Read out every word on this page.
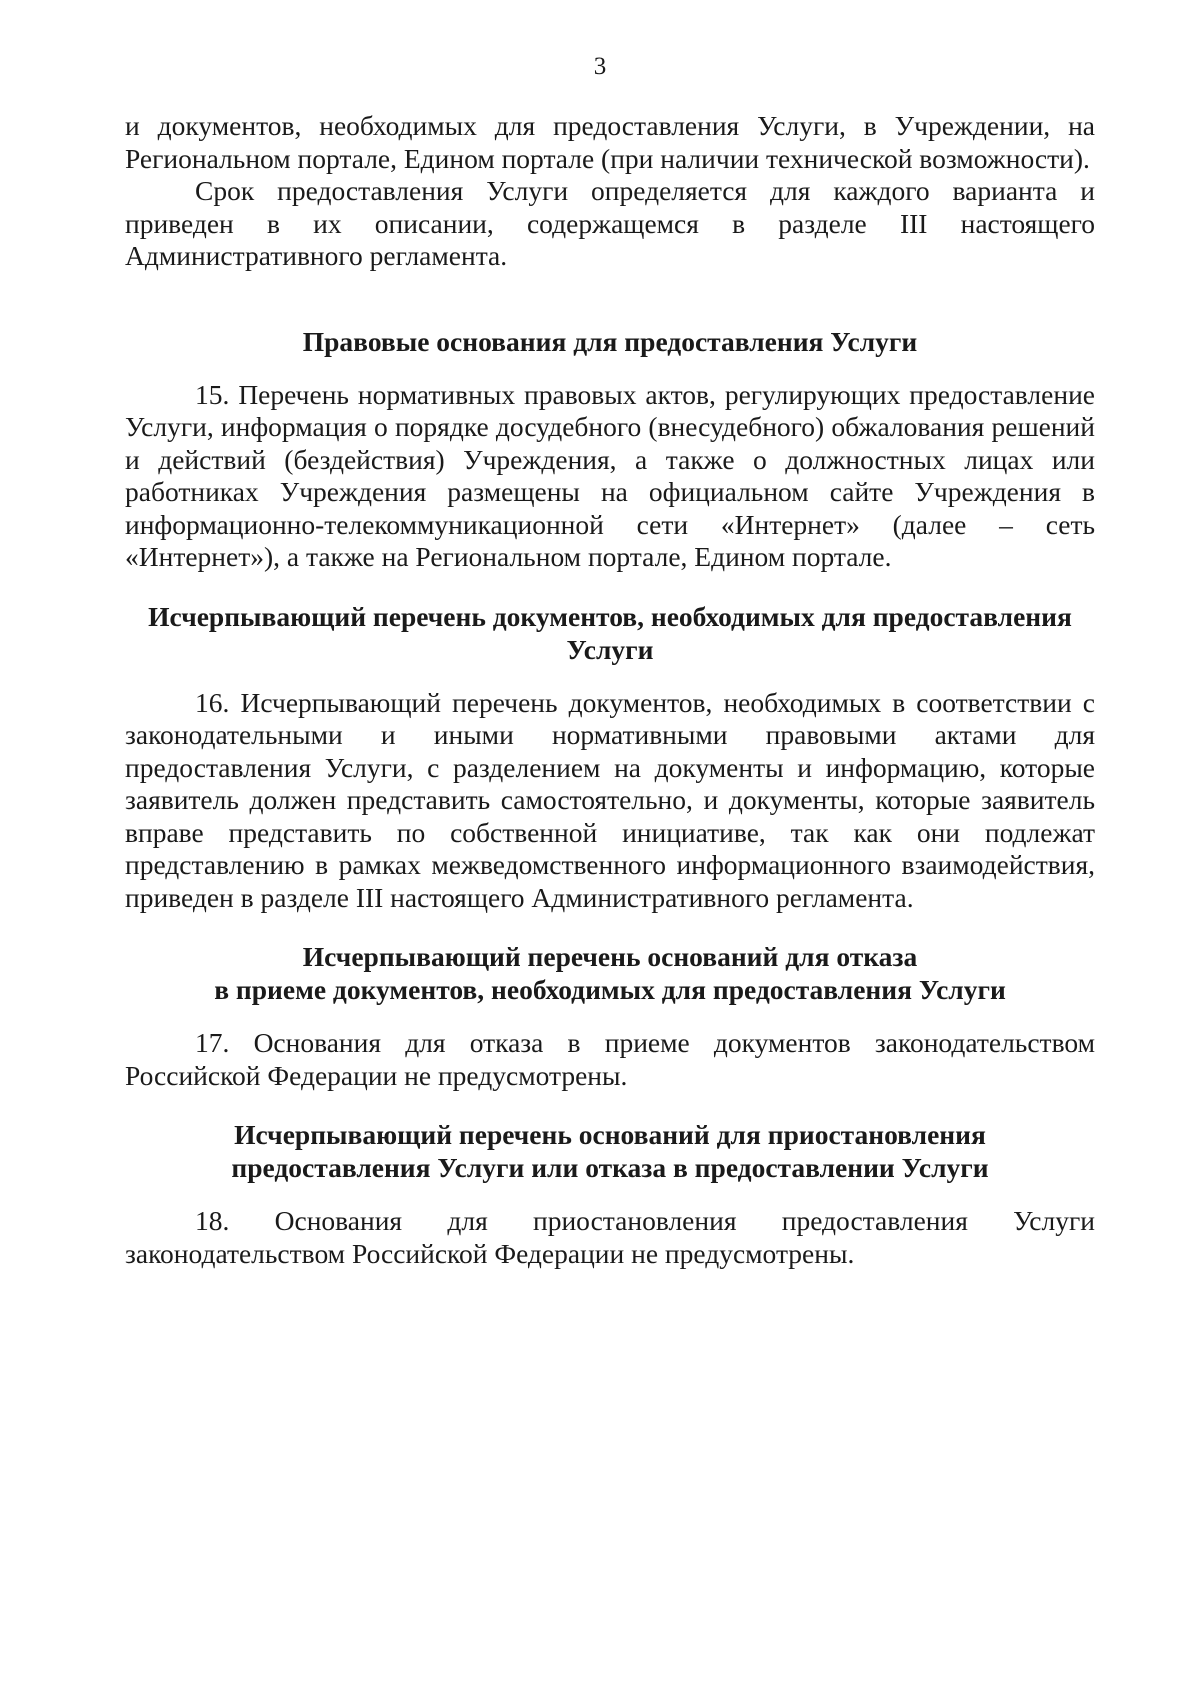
3

и документов, необходимых для предоставления Услуги, в Учреждении, на Региональном портале, Едином портале (при наличии технической возможности).

Срок предоставления Услуги определяется для каждого варианта и приведен в их описании, содержащемся в разделе III настоящего Административного регламента.

Правовые основания для предоставления Услуги

15. Перечень нормативных правовых актов, регулирующих предоставление Услуги, информация о порядке досудебного (внесудебного) обжалования решений и действий (бездействия) Учреждения, а также о должностных лицах или работниках Учреждения размещены на официальном сайте Учреждения в информационно-телекоммуникационной сети «Интернет» (далее – сеть «Интернет»), а также на Региональном портале, Едином портале.

Исчерпывающий перечень документов, необходимых для предоставления

Услуги

16. Исчерпывающий перечень документов, необходимых в соответствии с законодательными и иными нормативными правовыми актами для предоставления Услуги, с разделением на документы и информацию, которые заявитель должен представить самостоятельно, и документы, которые заявитель вправе представить по собственной инициативе, так как они подлежат представлению в рамках межведомственного информационного взаимодействия, приведен в разделе III настоящего Административного регламента.

Исчерпывающий перечень оснований для отказа

в приеме документов, необходимых для предоставления Услуги

17. Основания для отказа в приеме документов законодательством Российской Федерации не предусмотрены.

Исчерпывающий перечень оснований для приостановления

предоставления Услуги или отказа в предоставлении Услуги

18. Основания для приостановления предоставления Услуги законодательством Российской Федерации не предусмотрены.
